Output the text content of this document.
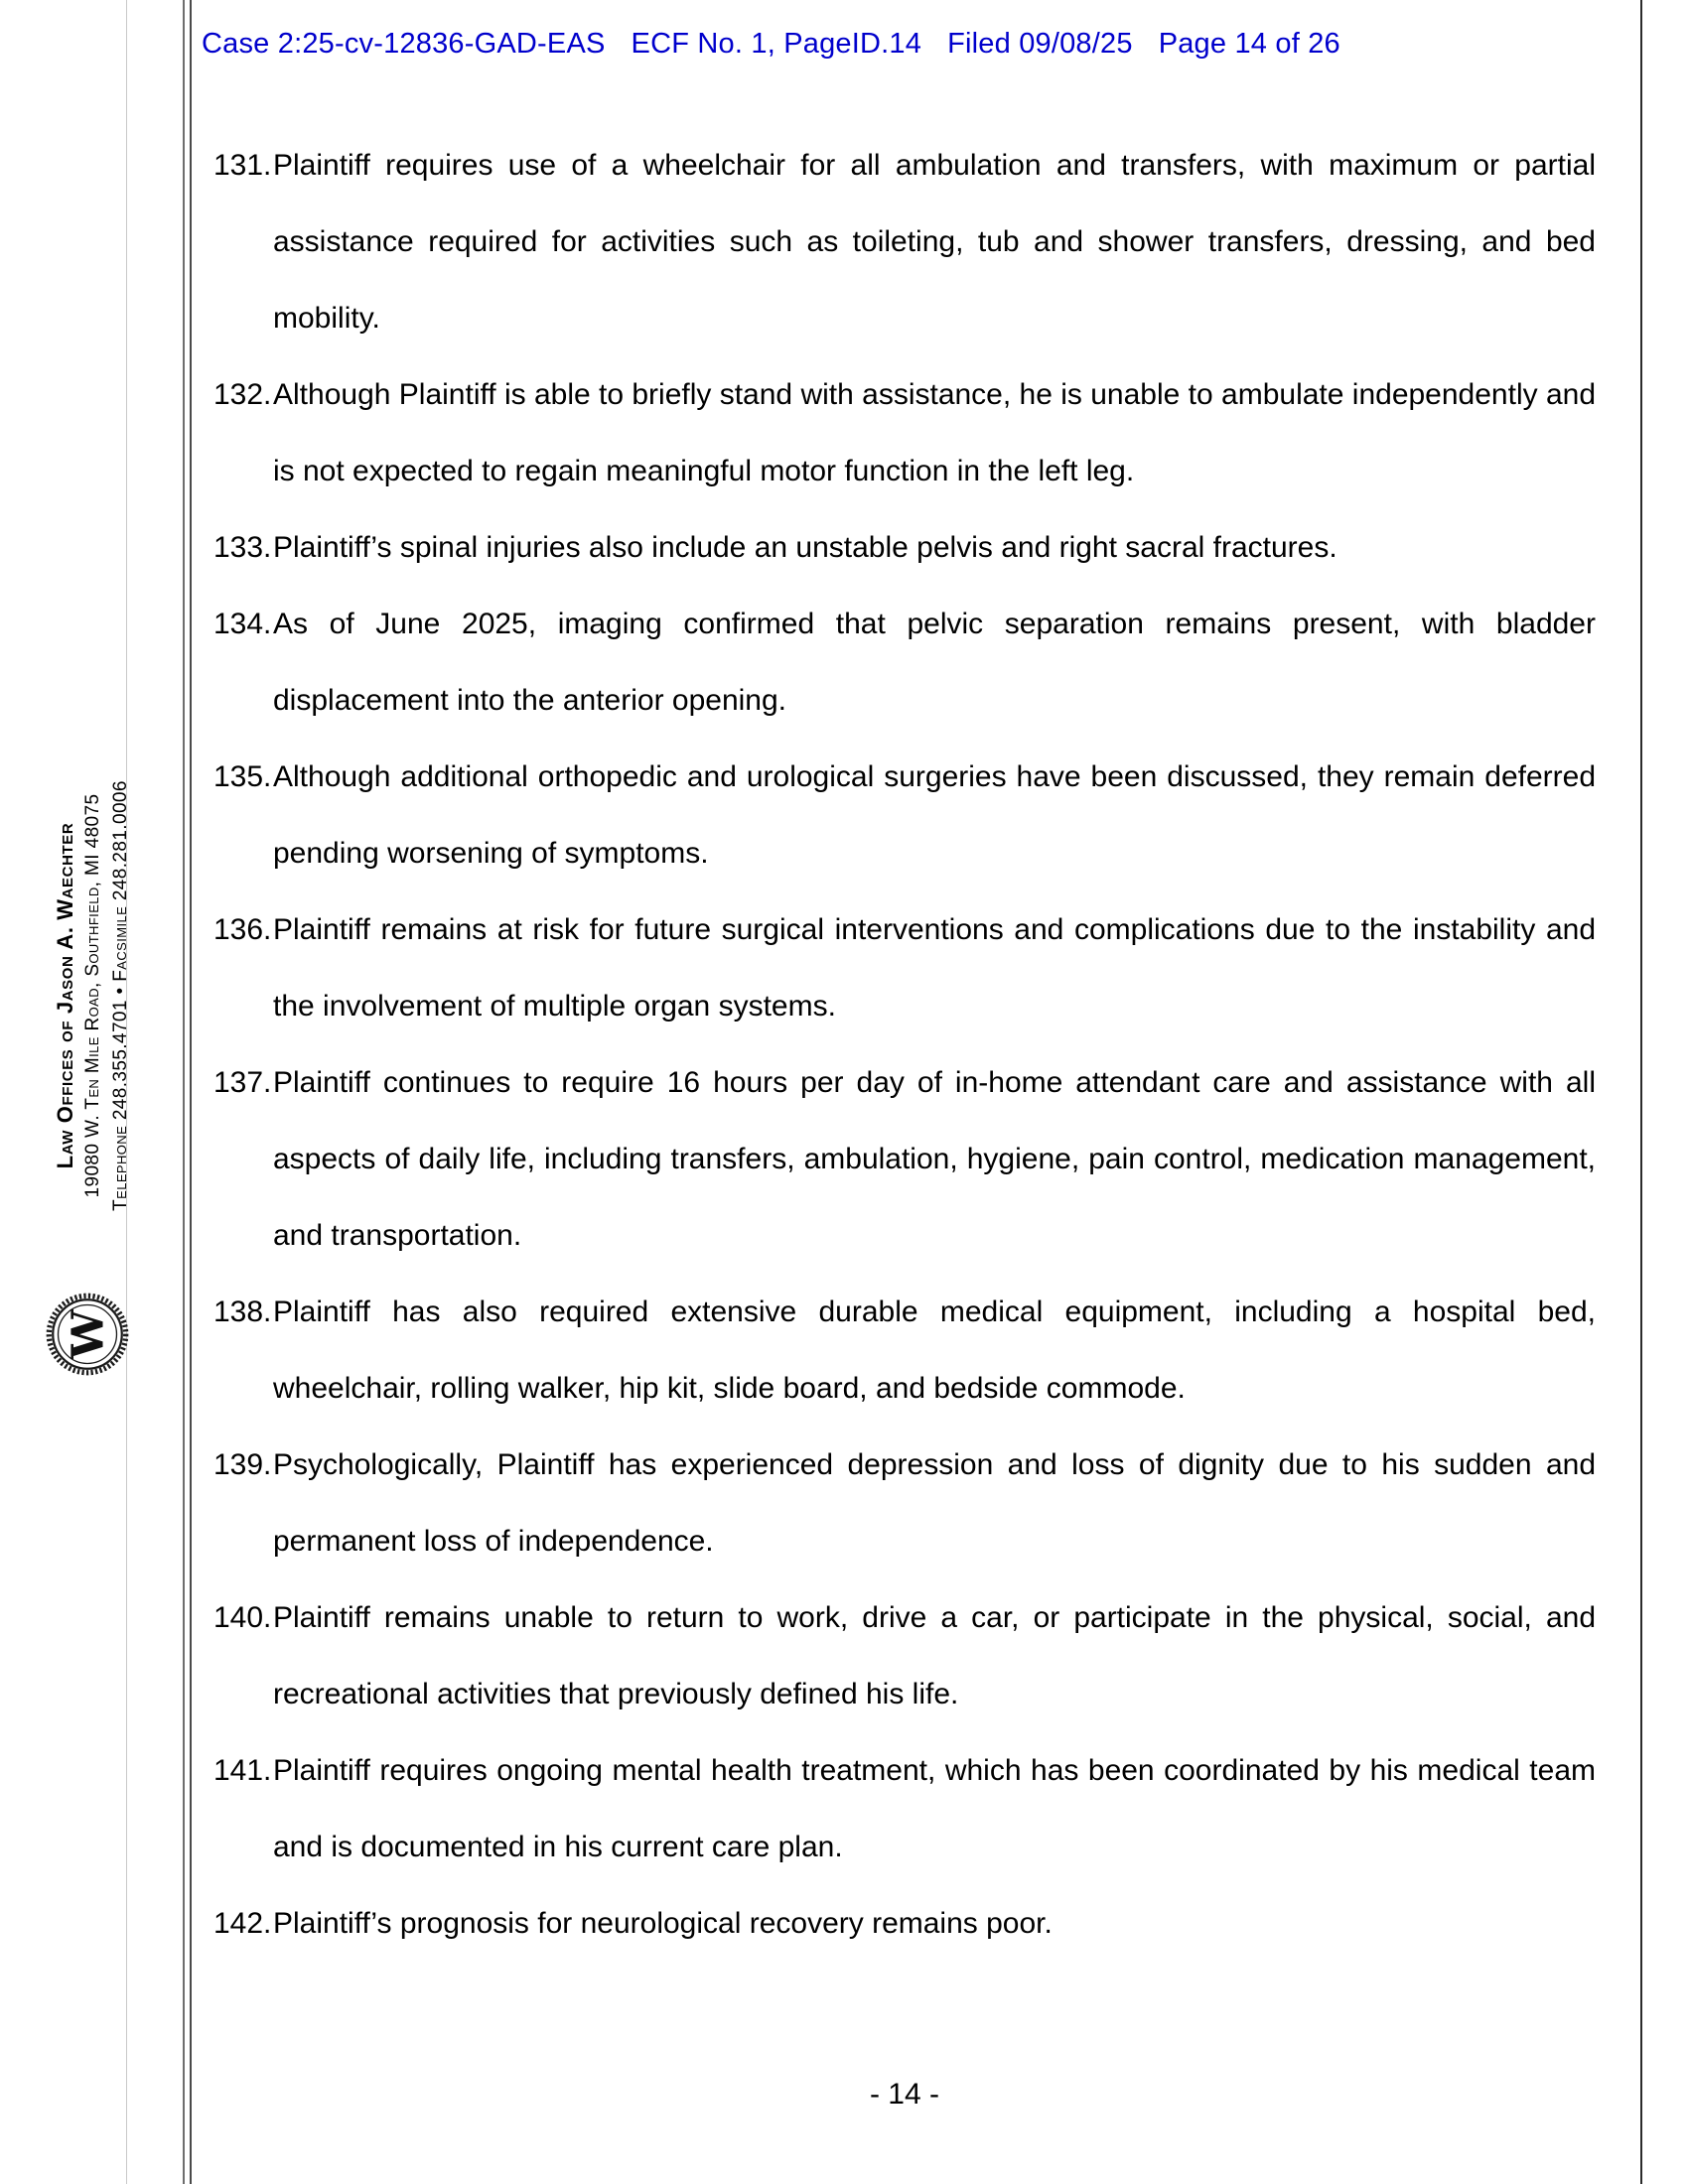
Case 2:25-cv-12836-GAD-EAS ECF No. 1, PageID.14 Filed 09/08/25 Page 14 of 26
Law Offices of Jason A. Waechter 19080 W. Ten Mile Road, Southfield, MI 48075 Telephone 248.355.4701 • Facsimile 248.281.0006
W

131.Plaintiff requires use of a wheelchair for all ambulation and transfers, with maximum or partial assistance required for activities such as toileting, tub and shower transfers, dressing, and bed mobility.

132.Although Plaintiff is able to briefly stand with assistance, he is unable to ambulate independently and is not expected to regain meaningful motor function in the left leg.

133.Plaintiff’s spinal injuries also include an unstable pelvis and right sacral fractures.

134.As of June 2025, imaging confirmed that pelvic separation remains present, with bladder displacement into the anterior opening.

135.Although additional orthopedic and urological surgeries have been discussed, they remain deferred pending worsening of symptoms.

136.Plaintiff remains at risk for future surgical interventions and complications due to the instability and the involvement of multiple organ systems.

137.Plaintiff continues to require 16 hours per day of in-home attendant care and assistance with all aspects of daily life, including transfers, ambulation, hygiene, pain control, medication management, and transportation.

138.Plaintiff has also required extensive durable medical equipment, including a hospital bed, wheelchair, rolling walker, hip kit, slide board, and bedside commode.

139.Psychologically, Plaintiff has experienced depression and loss of dignity due to his sudden and permanent loss of independence.

140.Plaintiff remains unable to return to work, drive a car, or participate in the physical, social, and recreational activities that previously defined his life.

141.Plaintiff requires ongoing mental health treatment, which has been coordinated by his medical team and is documented in his current care plan.

142.Plaintiff’s prognosis for neurological recovery remains poor.

- 14 -
